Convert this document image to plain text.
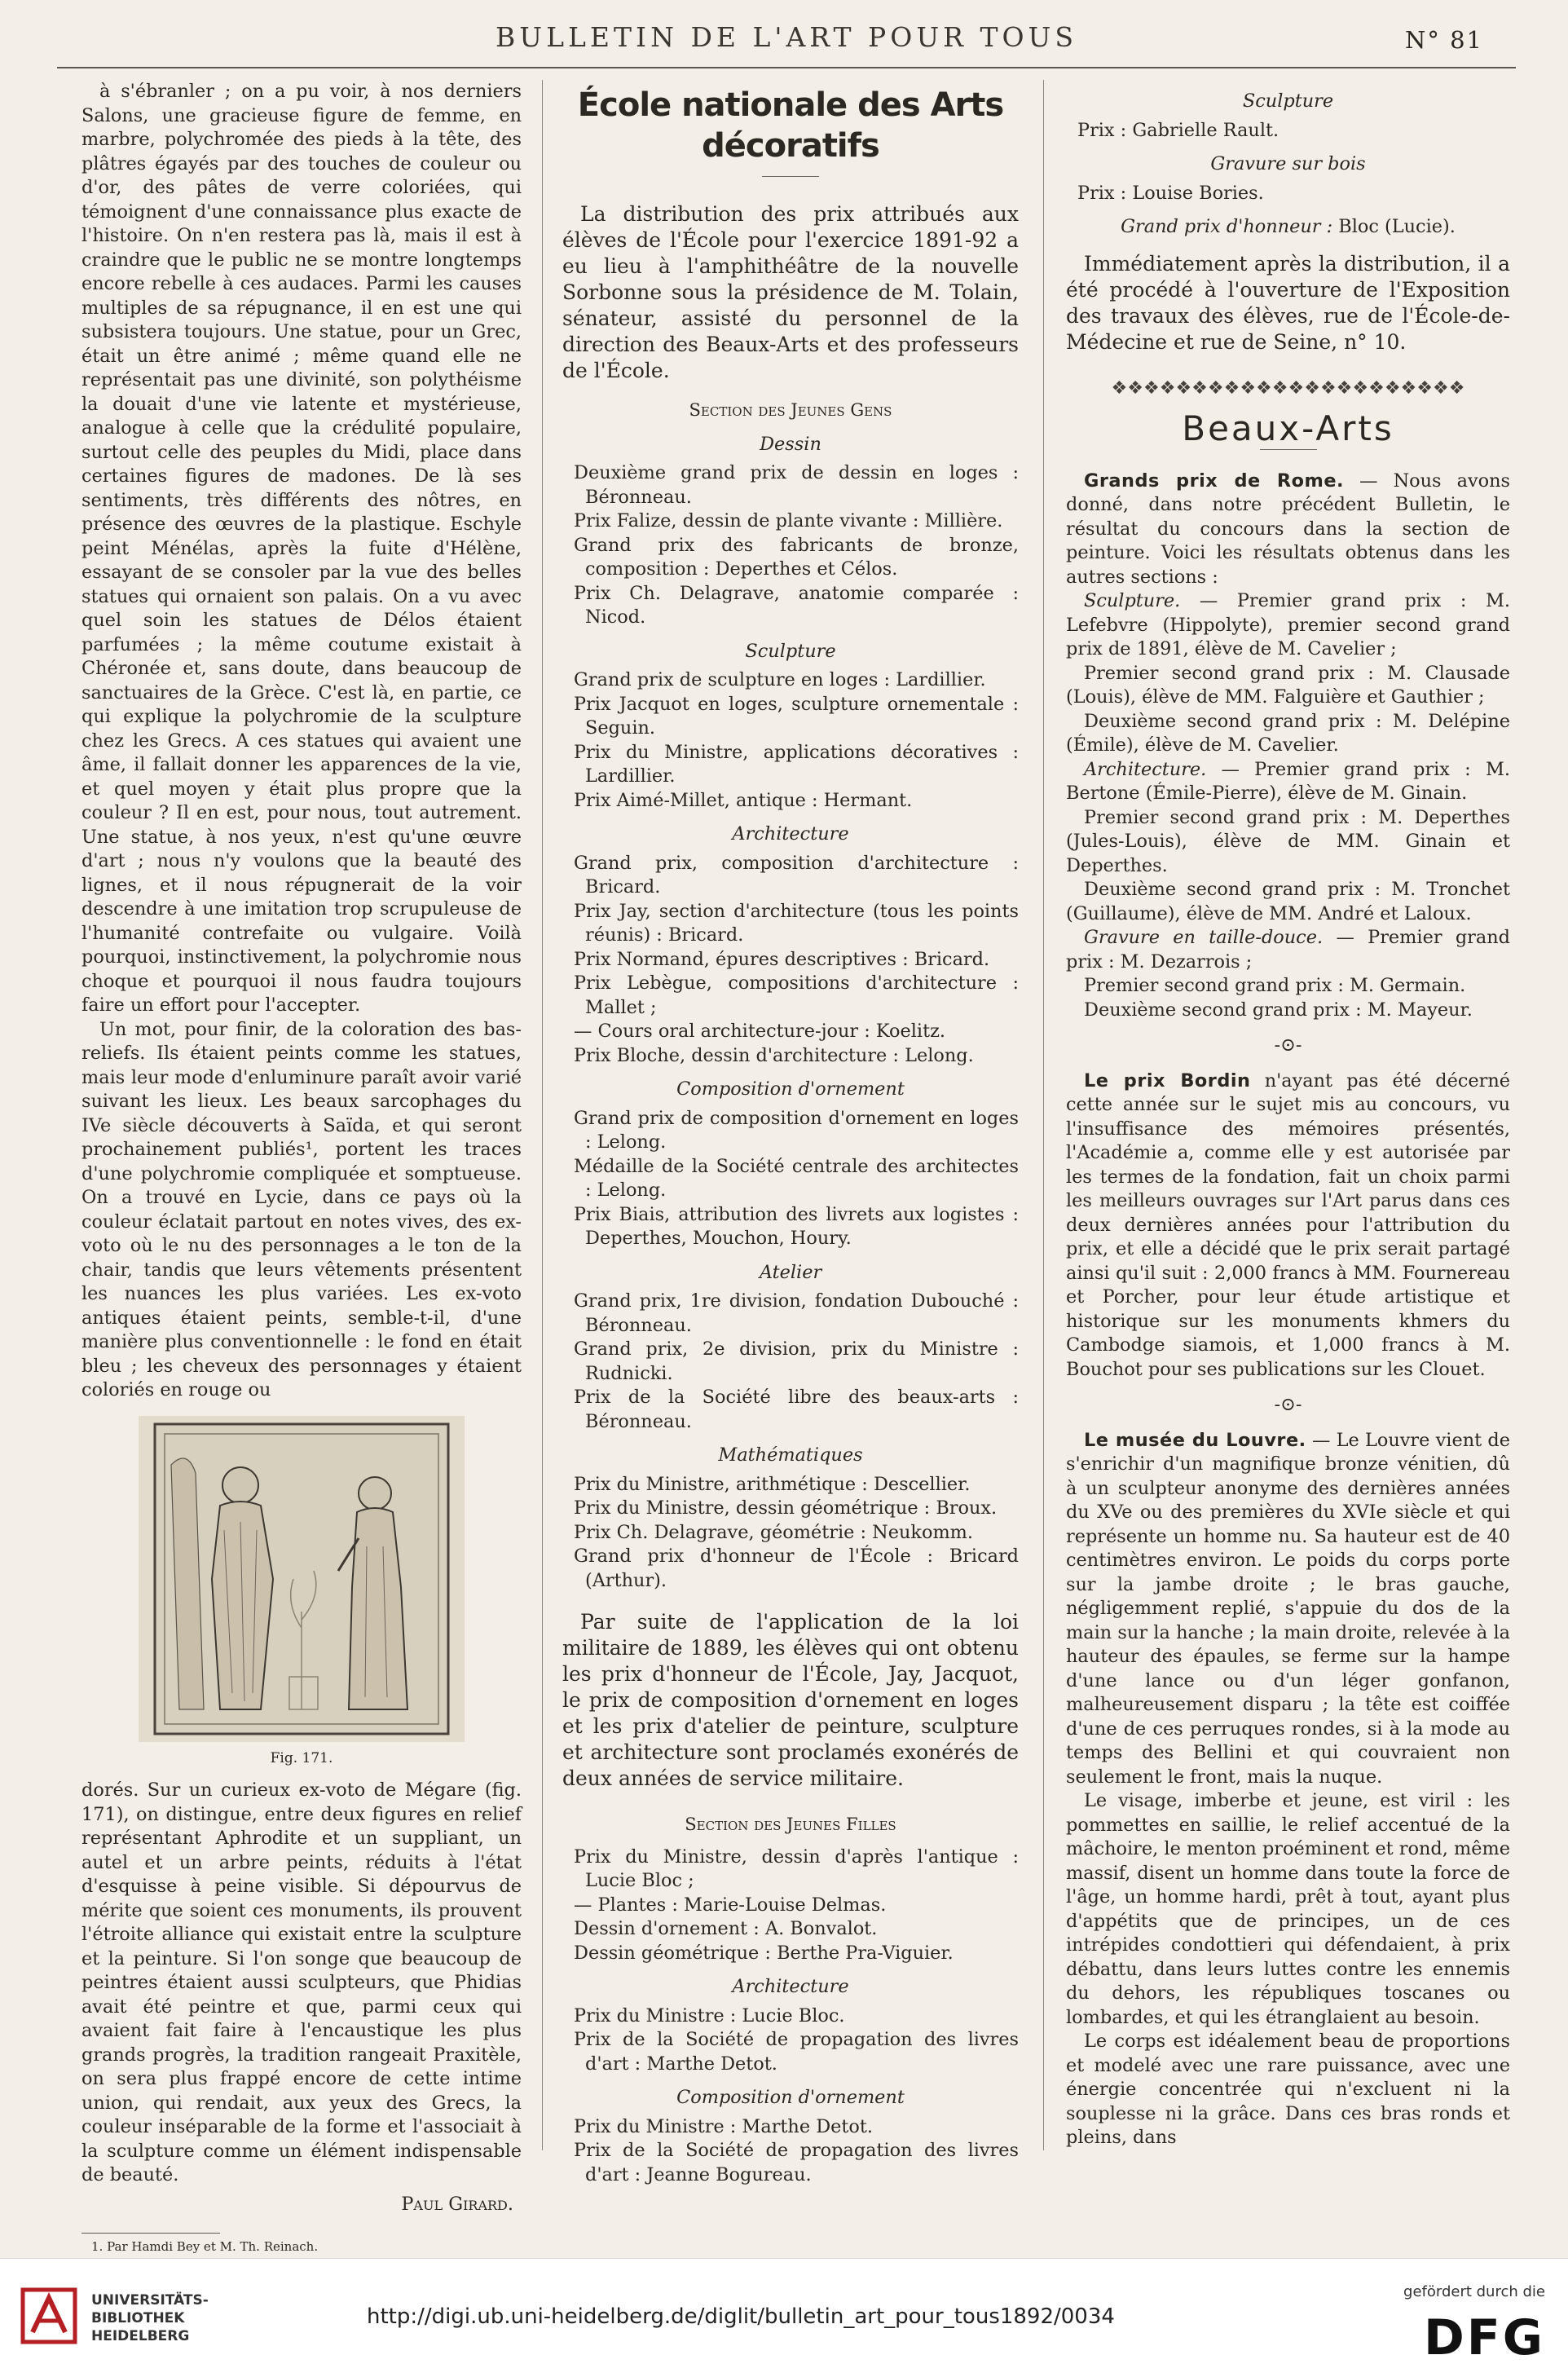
BULLETIN DE L'ART POUR TOUS	N° 81

à s'ébranler ; on a pu voir, à nos derniers Salons, une gracieuse figure de femme, en marbre, polychromée des pieds à la tête, des plâtres égayés par des touches de couleur ou d'or, des pâtes de verre coloriées, qui témoignent d'une connaissance plus exacte de l'histoire. On n'en restera pas là, mais il est à craindre que le public ne se montre longtemps encore rebelle à ces audaces. Parmi les causes multiples de sa répugnance, il en est une qui subsistera toujours. Une statue, pour un Grec, était un être animé ; même quand elle ne représentait pas une divinité, son polythéisme la douait d'une vie latente et mystérieuse, analogue à celle que la crédulité populaire, surtout celle des peuples du Midi, place dans certaines figures de madones. De là ses sentiments, très différents des nôtres, en présence des œuvres de la plastique. Eschyle peint Ménélas, après la fuite d'Hélène, essayant de se consoler par la vue des belles statues qui ornaient son palais. On a vu avec quel soin les statues de Délos étaient parfumées ; la même coutume existait à Chéronée et, sans doute, dans beaucoup de sanctuaires de la Grèce. C'est là, en partie, ce qui explique la polychromie de la sculpture chez les Grecs. A ces statues qui avaient une âme, il fallait donner les apparences de la vie, et quel moyen y était plus propre que la couleur ? Il en est, pour nous, tout autrement. Une statue, à nos yeux, n'est qu'une œuvre d'art ; nous n'y voulons que la beauté des lignes, et il nous répugnerait de la voir descendre à une imitation trop scrupuleuse de l'humanité contrefaite ou vulgaire. Voilà pourquoi, instinctivement, la polychromie nous choque et pourquoi il nous faudra toujours faire un effort pour l'accepter.

Un mot, pour finir, de la coloration des bas-reliefs. Ils étaient peints comme les statues, mais leur mode d'enluminure paraît avoir varié suivant les lieux. Les beaux sarcophages du IVe siècle découverts à Saïda, et qui seront prochainement publiés¹, portent les traces d'une polychromie compliquée et somptueuse. On a trouvé en Lycie, dans ce pays où la couleur éclatait partout en notes vives, des ex-voto où le nu des personnages a le ton de la chair, tandis que leurs vêtements présentent les nuances les plus variées. Les ex-voto antiques étaient peints, semble-t-il, d'une manière plus conventionnelle : le fond en était bleu ; les cheveux des personnages y étaient coloriés en rouge ou

Fig. 171.

dorés. Sur un curieux ex-voto de Mégare (fig. 171), on distingue, entre deux figures en relief représentant Aphrodite et un suppliant, un autel et un arbre peints, réduits à l'état d'esquisse à peine visible. Si dépourvus de mérite que soient ces monuments, ils prouvent l'étroite alliance qui existait entre la sculpture et la peinture. Si l'on songe que beaucoup de peintres étaient aussi sculpteurs, que Phidias avait été peintre et que, parmi ceux qui avaient fait faire à l'encaustique les plus grands progrès, la tradition rangeait Praxitèle, on sera plus frappé encore de cette intime union, qui rendait, aux yeux des Grecs, la couleur inséparable de la forme et l'associait à la sculpture comme un élément indispensable de beauté.

Paul Girard.
1. Par Hamdi Bey et M. Th. Reinach.
École nationale des Arts décoratifs

La distribution des prix attribués aux élèves de l'École pour l'exercice 1891-92 a eu lieu à l'amphithéâtre de la nouvelle Sorbonne sous la présidence de M. Tolain, sénateur, assisté du personnel de la direction des Beaux-Arts et des professeurs de l'École.

Section des Jeunes Gens
Dessin
Deuxième grand prix de dessin en loges : Béronneau.
Prix Falize, dessin de plante vivante : Millière.
Grand prix des fabricants de bronze, composition : Deperthes et Célos.
Prix Ch. Delagrave, anatomie comparée : Nicod.
Sculpture
Grand prix de sculpture en loges : Lardillier.
Prix Jacquot en loges, sculpture ornementale : Seguin.
Prix du Ministre, applications décoratives : Lardillier.
Prix Aimé-Millet, antique : Hermant.
Architecture
Grand prix, composition d'architecture : Bricard.
Prix Jay, section d'architecture (tous les points réunis) : Bricard.
Prix Normand, épures descriptives : Bricard.
Prix Lebègue, compositions d'architecture : Mallet ;
— Cours oral architecture-jour : Koelitz.
Prix Bloche, dessin d'architecture : Lelong.
Composition d'ornement
Grand prix de composition d'ornement en loges : Lelong.
Médaille de la Société centrale des architectes : Lelong.
Prix Biais, attribution des livrets aux logistes : Deperthes, Mouchon, Houry.
Atelier
Grand prix, 1re division, fondation Dubouché : Béronneau.
Grand prix, 2e division, prix du Ministre : Rudnicki.
Prix de la Société libre des beaux-arts : Béronneau.
Mathématiques
Prix du Ministre, arithmétique : Descellier.
Prix du Ministre, dessin géométrique : Broux.
Prix Ch. Delagrave, géométrie : Neukomm.
Grand prix d'honneur de l'École : Bricard (Arthur).

Par suite de l'application de la loi militaire de 1889, les élèves qui ont obtenu les prix d'honneur de l'École, Jay, Jacquot, le prix de composition d'ornement en loges et les prix d'atelier de peinture, sculpture et architecture sont proclamés exonérés de deux années de service militaire.

Section des Jeunes Filles
Prix du Ministre, dessin d'après l'antique : Lucie Bloc ;
— Plantes : Marie-Louise Delmas.
Dessin d'ornement : A. Bonvalot.
Dessin géométrique : Berthe Pra-Viguier.
Architecture
Prix du Ministre : Lucie Bloc.
Prix de la Société de propagation des livres d'art : Marthe Detot.
Composition d'ornement
Prix du Ministre : Marthe Detot.
Prix de la Société de propagation des livres d'art : Jeanne Bogureau.
Sculpture
Prix : Gabrielle Rault.
Gravure sur bois
Prix : Louise Bories.
Grand prix d'honneur : Bloc (Lucie).

Immédiatement après la distribution, il a été procédé à l'ouverture de l'Exposition des travaux des élèves, rue de l'École-de-Médecine et rue de Seine, n° 10.

❖❖❖❖❖❖❖❖❖❖❖❖❖❖❖❖❖❖❖❖❖❖
Beaux-Arts

Grands prix de Rome. — Nous avons donné, dans notre précédent Bulletin, le résultat du concours dans la section de peinture. Voici les résultats obtenus dans les autres sections :

Sculpture. — Premier grand prix : M. Lefebvre (Hippolyte), premier second grand prix de 1891, élève de M. Cavelier ;

Premier second grand prix : M. Clausade (Louis), élève de MM. Falguière et Gauthier ;

Deuxième second grand prix : M. Delépine (Émile), élève de M. Cavelier.

Architecture. — Premier grand prix : M. Bertone (Émile-Pierre), élève de M. Ginain.

Premier second grand prix : M. Deperthes (Jules-Louis), élève de MM. Ginain et Deperthes.

Deuxième second grand prix : M. Tronchet (Guillaume), élève de MM. André et Laloux.

Gravure en taille-douce. — Premier grand prix : M. Dezarrois ;

Premier second grand prix : M. Germain.

Deuxième second grand prix : M. Mayeur.

-⊙-

Le prix Bordin n'ayant pas été décerné cette année sur le sujet mis au concours, vu l'insuffisance des mémoires présentés, l'Académie a, comme elle y est autorisée par les termes de la fondation, fait un choix parmi les meilleurs ouvrages sur l'Art parus dans ces deux dernières années pour l'attribution du prix, et elle a décidé que le prix serait partagé ainsi qu'il suit : 2,000 francs à MM. Fournereau et Porcher, pour leur étude artistique et historique sur les monuments khmers du Cambodge siamois, et 1,000 francs à M. Bouchot pour ses publications sur les Clouet.

-⊙-

Le musée du Louvre. — Le Louvre vient de s'enrichir d'un magnifique bronze vénitien, dû à un sculpteur anonyme des dernières années du XVe ou des premières du XVIe siècle et qui représente un homme nu. Sa hauteur est de 40 centimètres environ. Le poids du corps porte sur la jambe droite ; le bras gauche, négligemment replié, s'appuie du dos de la main sur la hanche ; la main droite, relevée à la hauteur des épaules, se ferme sur la hampe d'une lance ou d'un léger gonfanon, malheureusement disparu ; la tête est coiffée d'une de ces perruques rondes, si à la mode au temps des Bellini et qui couvraient non seulement le front, mais la nuque.

Le visage, imberbe et jeune, est viril : les pommettes en saillie, le relief accentué de la mâchoire, le menton proéminent et rond, même massif, disent un homme dans toute la force de l'âge, un homme hardi, prêt à tout, ayant plus d'appétits que de principes, un de ces intrépides condottieri qui défendaient, à prix débattu, dans leurs luttes contre les ennemis du dehors, les républiques toscanes ou lombardes, et qui les étranglaient au besoin.

Le corps est idéalement beau de proportions et modelé avec une rare puissance, avec une énergie concentrée qui n'excluent ni la souplesse ni la grâce. Dans ces bras ronds et pleins, dans

UNIVERSITÄTS-
BIBLIOTHEK
HEIDELBERG
http://digi.ub.uni-heidelberg.de/diglit/bulletin_art_pour_tous1892/0034
gefördert durch die
DFG
